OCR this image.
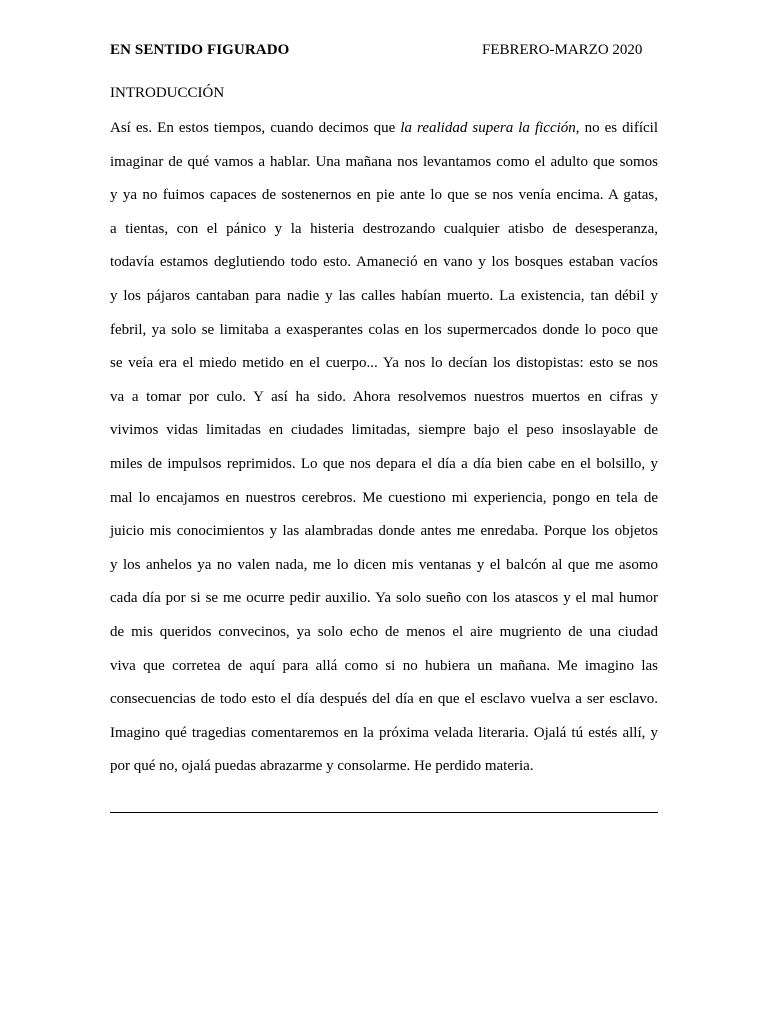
EN SENTIDO FIGURADO	FEBRERO-MARZO 2020
INTRODUCCIÓN
Así es. En estos tiempos, cuando decimos que la realidad supera la ficción, no es difícil
imaginar de qué vamos a hablar. Una mañana nos levantamos como el adulto que somos
y ya no fuimos capaces de sostenernos en pie ante lo que se nos venía encima. A gatas,
a tientas, con el pánico y la histeria destrozando cualquier atisbo de desesperanza,
todavía estamos deglutiendo todo esto. Amaneció en vano y los bosques estaban vacíos
y los pájaros cantaban para nadie y las calles habían muerto. La existencia, tan débil y
febril, ya solo se limitaba a exasperantes colas en los supermercados donde lo poco que
se veía era el miedo metido en el cuerpo... Ya nos lo decían los distopistas: esto se nos
va a tomar por culo. Y así ha sido. Ahora resolvemos nuestros muertos en cifras y
vivimos vidas limitadas en ciudades limitadas, siempre bajo el peso insoslayable de
miles de impulsos reprimidos. Lo que nos depara el día a día bien cabe en el bolsillo, y
mal lo encajamos en nuestros cerebros. Me cuestiono mi experiencia, pongo en tela de
juicio mis conocimientos y las alambradas donde antes me enredaba. Porque los objetos
y los anhelos ya no valen nada, me lo dicen mis ventanas y el balcón al que me asomo
cada día por si se me ocurre pedir auxilio. Ya solo sueño con los atascos y el mal humor
de mis queridos convecinos, ya solo echo de menos el aire mugriento de una ciudad
viva que corretea de aquí para allá como si no hubiera un mañana. Me imagino las
consecuencias de todo esto el día después del día en que el esclavo vuelva a ser esclavo.
Imagino qué tragedias comentaremos en la próxima velada literaria. Ojalá tú estés allí, y
por qué no, ojalá puedas abrazarme y consolarme. He perdido materia.
